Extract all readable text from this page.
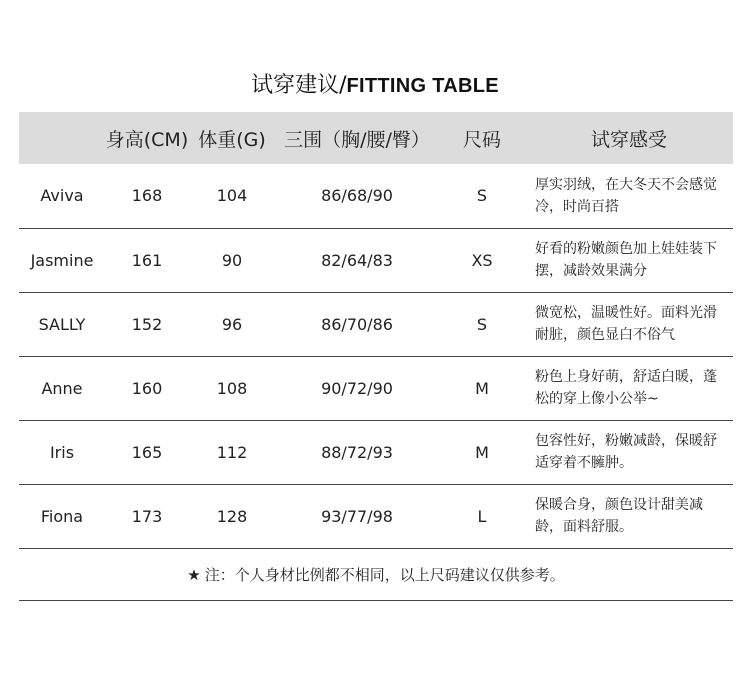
试穿建议/FITTING TABLE
	身高(CM)	体重(G)	三围（胸/腰/臀）	尺码	试穿感受
Aviva	168	104	86/68/90	S	厚实羽绒，在大冬天不会感觉冷，时尚百搭
Jasmine	161	90	82/64/83	XS	好看的粉嫩颜色加上娃娃装下摆，减龄效果满分
SALLY	152	96	86/70/86	S	微宽松，温暖性好。面料光滑耐脏，颜色显白不俗气
Anne	160	108	90/72/90	M	粉色上身好萌，舒适白暖，蓬松的穿上像小公举~
Iris	165	112	88/72/93	M	包容性好，粉嫩减龄，保暖舒适穿着不臃肿。
Fiona	173	128	93/77/98	L	保暖合身，颜色设计甜美减龄，面料舒服。
★ 注：个人身材比例都不相同，以上尺码建议仅供参考。					
